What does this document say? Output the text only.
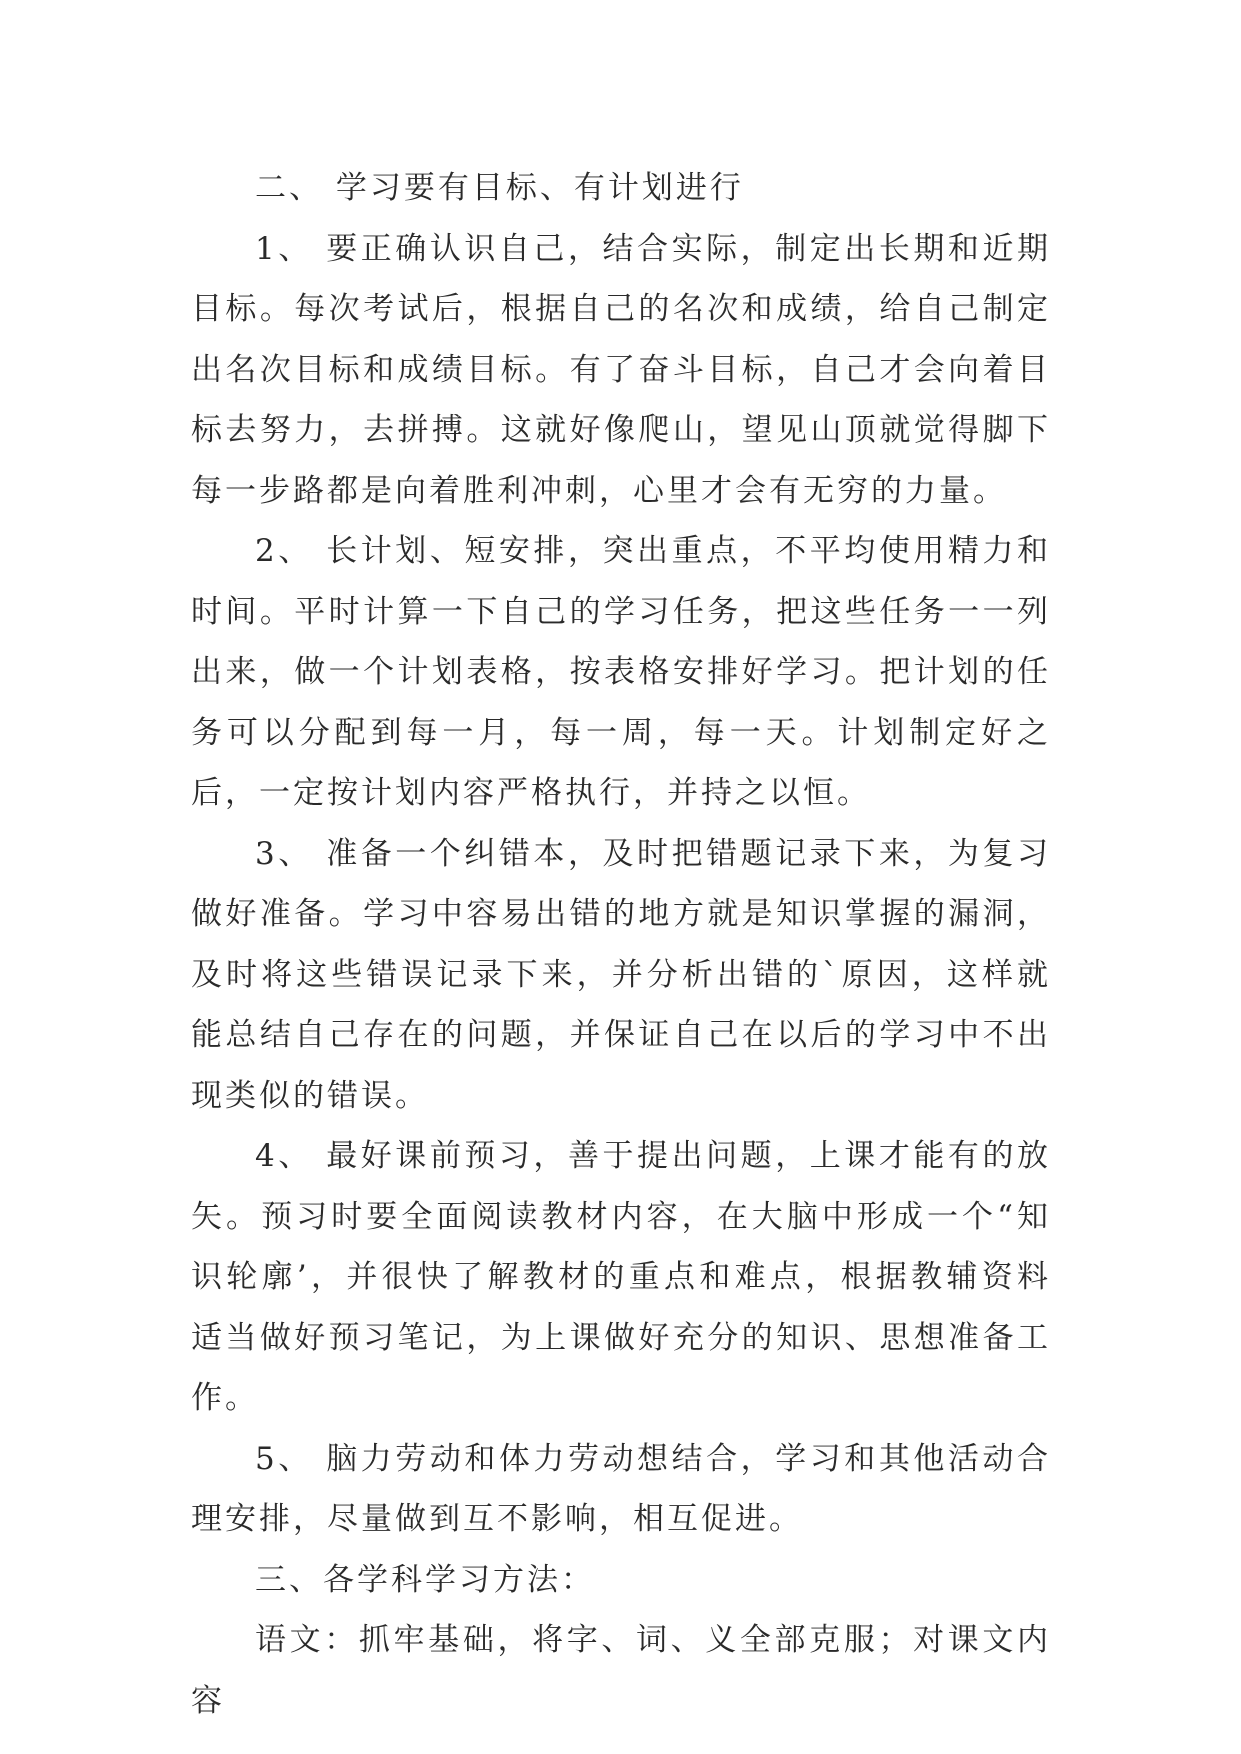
二、 学习要有目标、有计划进行

1、 要正确认识自己，结合实际，制定出长期和近期目标。每次考试后，根据自己的名次和成绩，给自己制定出名次目标和成绩目标。有了奋斗目标，自己才会向着目标去努力，去拼搏。这就好像爬山，望见山顶就觉得脚下每一步路都是向着胜利冲刺，心里才会有无穷的力量。

2、 长计划、短安排，突出重点，不平均使用精力和时间。平时计算一下自己的学习任务，把这些任务一一列出来，做一个计划表格，按表格安排好学习。把计划的任务可以分配到每一月，每一周，每一天。计划制定好之后，一定按计划内容严格执行，并持之以恒。

3、 准备一个纠错本，及时把错题记录下来，为复习做好准备。学习中容易出错的地方就是知识掌握的漏洞，及时将这些错误记录下来，并分析出错的`原因，这样就能总结自己存在的问题，并保证自己在以后的学习中不出现类似的错误。

4、 最好课前预习，善于提出问题，上课才能有的放矢。预习时要全面阅读教材内容，在大脑中形成一个“知识轮廓’，并很快了解教材的重点和难点，根据教辅资料适当做好预习笔记，为上课做好充分的知识、思想准备工作。

5、 脑力劳动和体力劳动想结合，学习和其他活动合理安排，尽量做到互不影响，相互促进。

三、各学科学习方法：

语文：抓牢基础，将字、词、义全部克服；对课文内容
